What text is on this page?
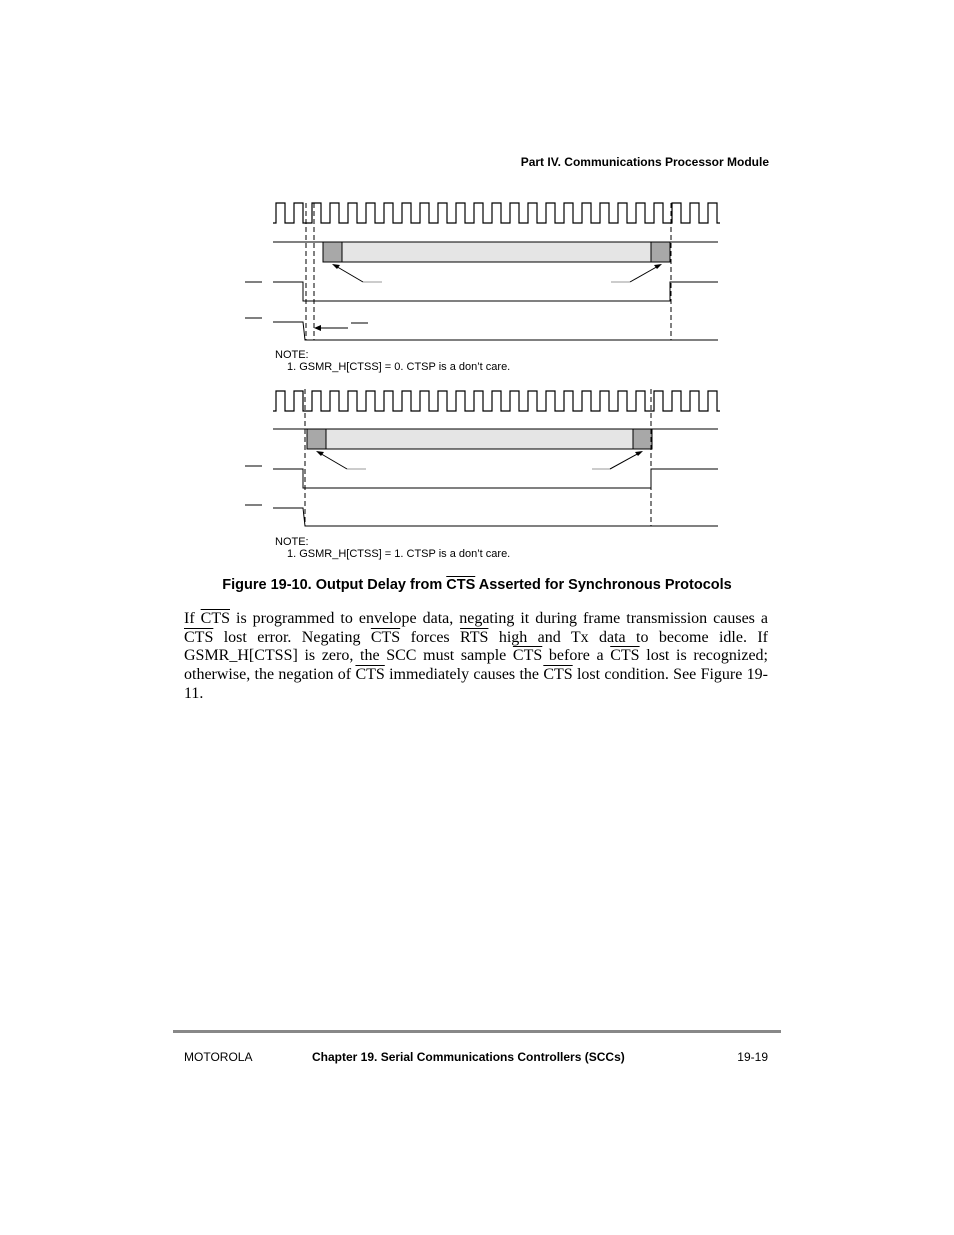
Part IV. Communications Processor Module
NOTE:
1. GSMR_H[CTSS] = 0. CTSP is a don’t care.
NOTE:
1. GSMR_H[CTSS] = 1. CTSP is a don’t care.
Figure 19-10. Output Delay from $\overline{CTS}$ Asserted for Synchronous Protocols
If $\overline{CTS}$ is programmed to envelope data, negating it during frame transmission causes a $\overline{CTS}$ lost error. Negating $\overline{CTS}$ forces $\overline{RTS}$ high and Tx data to become idle. If GSMR_H[CTSS] is zero, the SCC must sample $\overline{CTS}$ before a $\overline{CTS}$ lost is recognized; otherwise, the negation of $\overline{CTS}$ immediately causes the $\overline{CTS}$ lost condition. See Figure 19-11.
MOTOROLA	Chapter 19. Serial Communications Controllers (SCCs)	19-19
